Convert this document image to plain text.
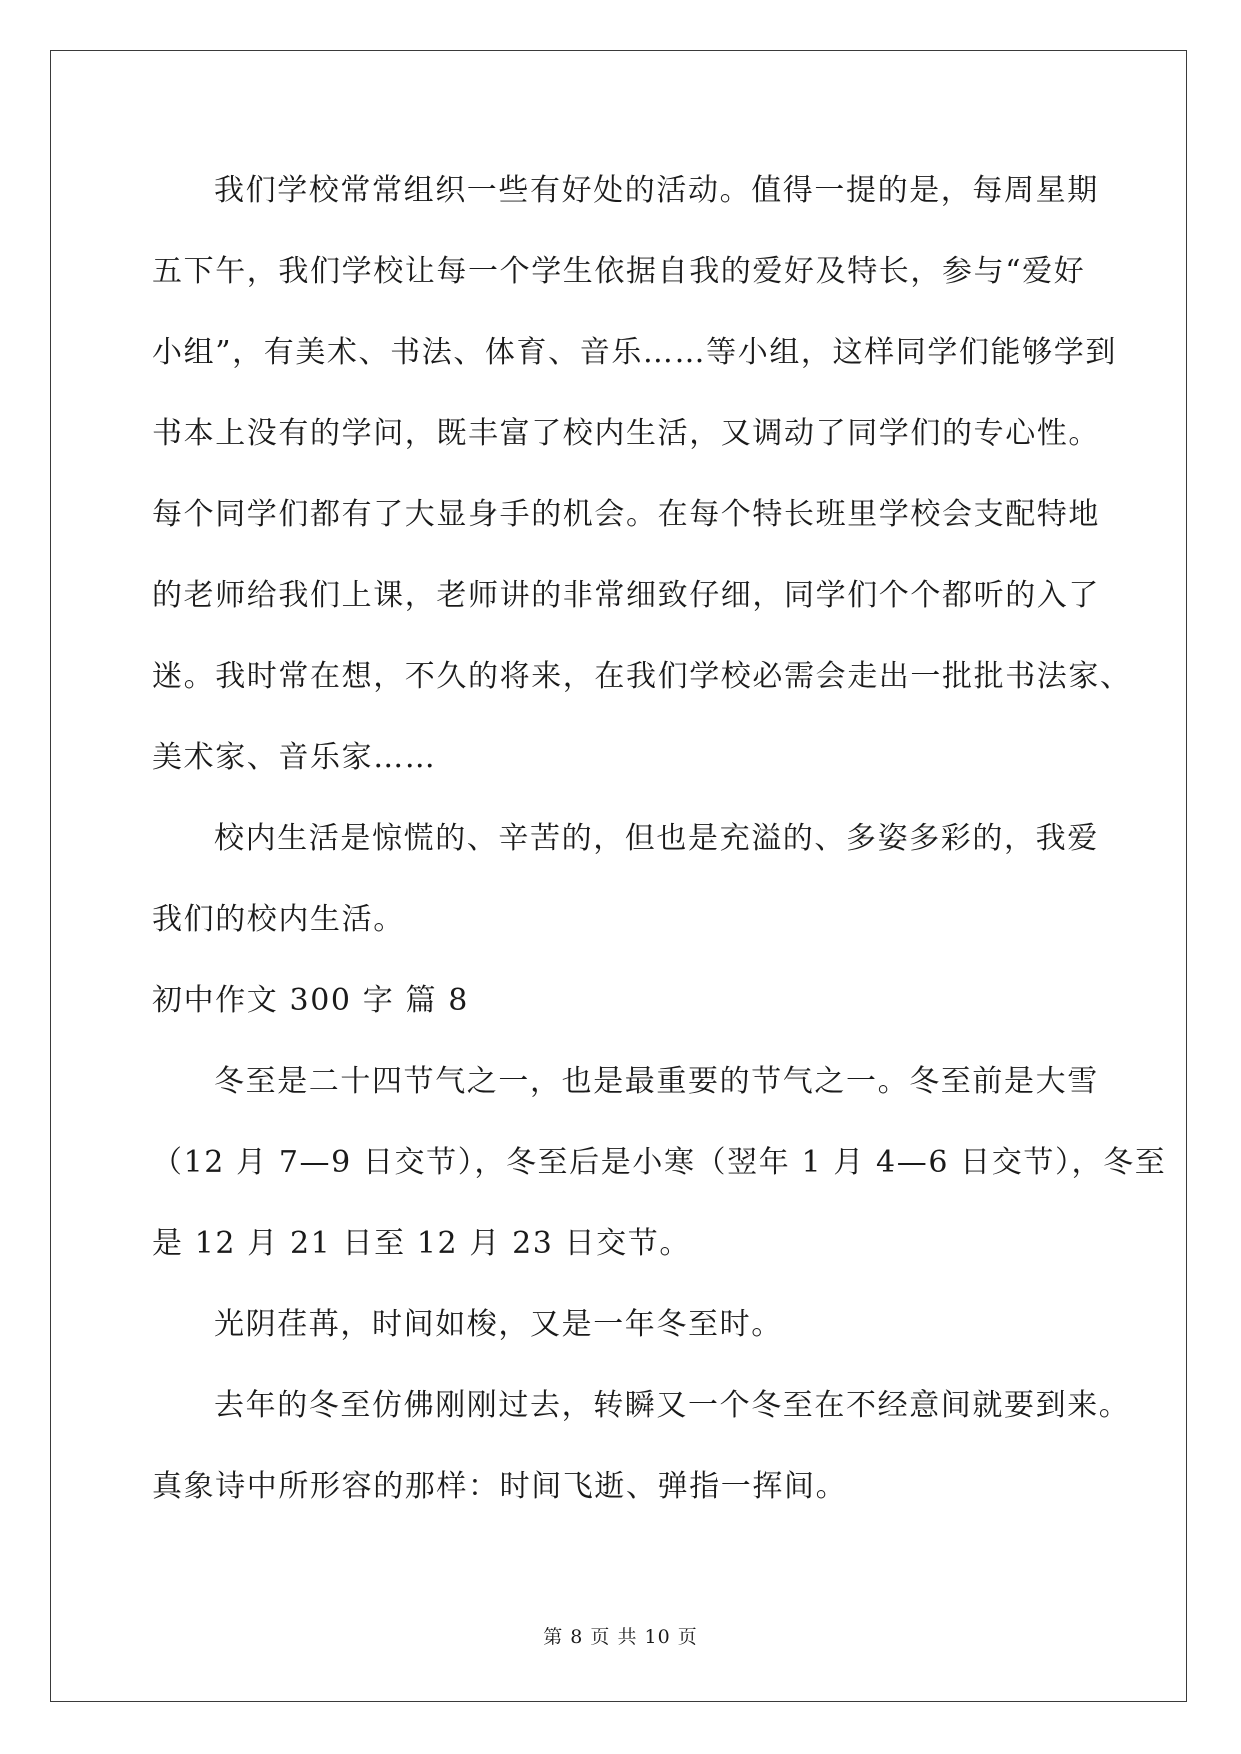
我们学校常常组织一些有好处的活动。值得一提的是，每周星期
五下午，我们学校让每一个学生依据自我的爱好及特长，参与“爱好
小组”，有美术、书法、体育、音乐……等小组，这样同学们能够学到
书本上没有的学问，既丰富了校内生活，又调动了同学们的专心性。
每个同学们都有了大显身手的机会。在每个特长班里学校会支配特地
的老师给我们上课，老师讲的非常细致仔细，同学们个个都听的入了
迷。我时常在想，不久的将来，在我们学校必需会走出一批批书法家、
美术家、音乐家……
校内生活是惊慌的、辛苦的，但也是充溢的、多姿多彩的，我爱
我们的校内生活。
初中作文 300 字 篇 8
冬至是二十四节气之一，也是最重要的节气之一。冬至前是大雪
（12 月 7—9 日交节），冬至后是小寒（翌年 1 月 4—6 日交节），冬至
是 12 月 21 日至 12 月 23 日交节。
光阴荏苒，时间如梭，又是一年冬至时。
去年的冬至仿佛刚刚过去，转瞬又一个冬至在不经意间就要到来。
真象诗中所形容的那样：时间飞逝、弹指一挥间。
第 8 页 共 10 页
